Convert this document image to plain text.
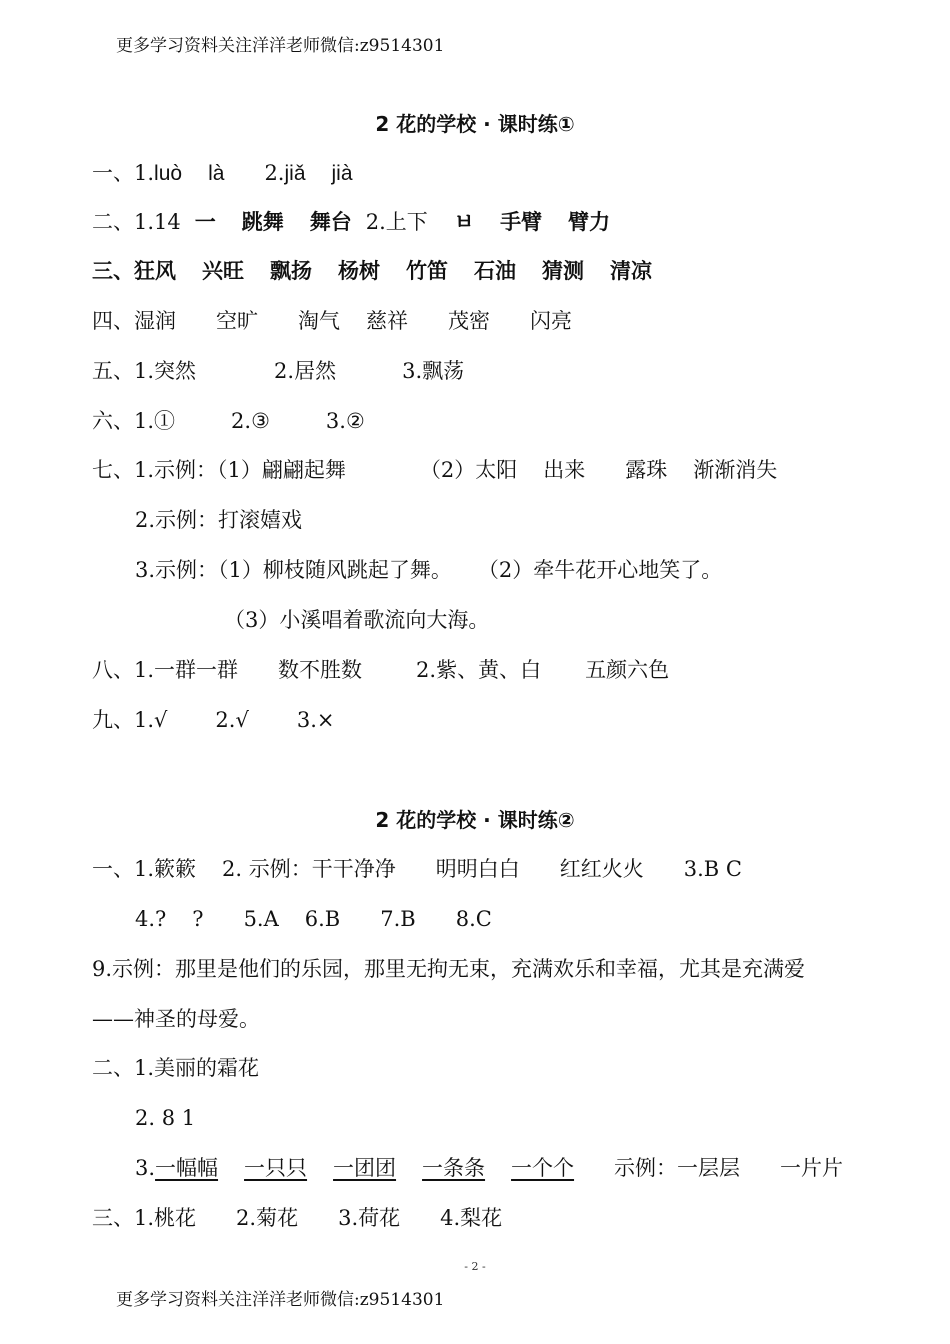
更多学习资料关注洋洋老师微信:z9514301
2 花的学校 · 课时练①
一、1.luò là 2.jiǎ jià
二、1.14 一 跳舞 舞台 2.上下 ㅂ 手臂 臂力
三、狂风 兴旺 飘扬 杨树 竹笛 石油 猜测 清凉
四、湿润 空旷 淘气 慈祥 茂密 闪亮
五、1.突然	2.居然	3.飘荡
六、1.①	2.③	3.②
七、1.示例：（1）翩翩起舞	（2）太阳 出来 露珠 渐渐消失
2.示例：打滚嬉戏
3.示例：（1）柳枝随风跳起了舞。 （2）牵牛花开心地笑了。
（3）小溪唱着歌流向大海。
八、1.一群一群 数不胜数	2.紫、黄、白 五颜六色
九、1.√ 2.√ 3.×
2 花的学校 · 课时练②
一、1.簌簌 2. 示例：干干净净 明明白白 红红火火 3.B C
4.? ? 5.A 6.B 7.B 8.C
9.示例：那里是他们的乐园，那里无拘无束，充满欢乐和幸福，尤其是充满爱
——神圣的母爱。
二、1.美丽的霜花
2. 8 1
3.一幅幅 一只只 一团团 一条条 一个个 示例：一层层 一片片
三、1.桃花 2.菊花 3.荷花 4.梨花
- 2 -
更多学习资料关注洋洋老师微信:z9514301
